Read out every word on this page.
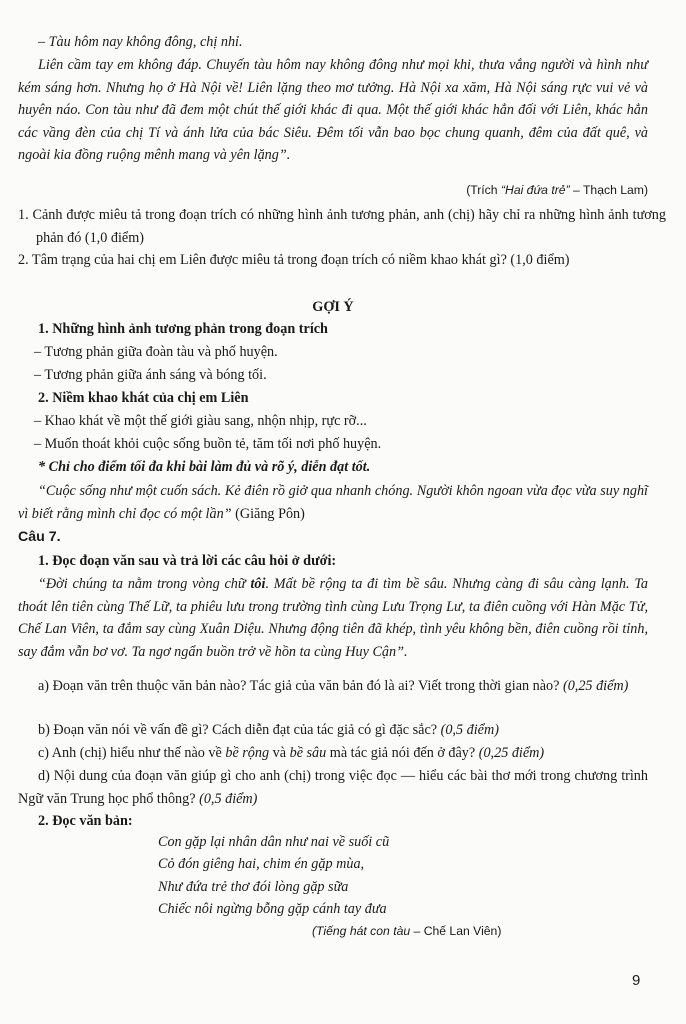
– Tàu hôm nay không đông, chị nhỉ.

Liên cầm tay em không đáp. Chuyến tàu hôm nay không đông như mọi khi, thưa vắng người và hình như kém sáng hơn. Nhưng họ ở Hà Nội về! Liên lặng theo mơ tưởng. Hà Nội xa xăm, Hà Nội sáng rực vui vẻ và huyên náo. Con tàu như đã đem một chút thế giới khác đi qua. Một thế giới khác hẳn đối với Liên, khác hẳn các vầng đèn của chị Tí và ánh lửa của bác Siêu. Đêm tối vẫn bao bọc chung quanh, đêm của đất quê, và ngoài kia đồng ruộng mênh mang và yên lặng”.

(Trích “Hai đứa trẻ” – Thạch Lam)

1. Cảnh được miêu tả trong đoạn trích có những hình ảnh tương phản, anh (chị) hãy chỉ ra những hình ảnh tương phản đó (1,0 điểm)

2. Tâm trạng của hai chị em Liên được miêu tả trong đoạn trích có niềm khao khát gì? (1,0 điểm)

GỢI Ý

1. Những hình ảnh tương phản trong đoạn trích

– Tương phản giữa đoàn tàu và phố huyện.

– Tương phản giữa ánh sáng và bóng tối.

2. Niềm khao khát của chị em Liên

– Khao khát về một thế giới giàu sang, nhộn nhịp, rực rỡ...

– Muốn thoát khỏi cuộc sống buồn tẻ, tăm tối nơi phố huyện.

* Chỉ cho điểm tối đa khi bài làm đủ và rõ ý, diễn đạt tốt.

“Cuộc sống như một cuốn sách. Kẻ điên rồ giở qua nhanh chóng. Người khôn ngoan vừa đọc vừa suy nghĩ vì biết rằng mình chỉ đọc có một lần” (Giăng Pôn)

Câu 7.

1. Đọc đoạn văn sau và trả lời các câu hỏi ở dưới:

“Đời chúng ta nằm trong vòng chữ tôi. Mất bề rộng ta đi tìm bề sâu. Nhưng càng đi sâu càng lạnh. Ta thoát lên tiên cùng Thế Lữ, ta phiêu lưu trong trường tình cùng Lưu Trọng Lư, ta điên cuồng với Hàn Mặc Tử, Chế Lan Viên, ta đắm say cùng Xuân Diệu. Nhưng động tiên đã khép, tình yêu không bền, điên cuồng rồi tỉnh, say đắm vẫn bơ vơ. Ta ngơ ngẩn buồn trở về hồn ta cùng Huy Cận”.

a) Đoạn văn trên thuộc văn bản nào? Tác giả của văn bản đó là ai? Viết trong thời gian nào? (0,25 điểm)

b) Đoạn văn nói về vấn đề gì? Cách diễn đạt của tác giả có gì đặc sắc? (0,5 điểm)

c) Anh (chị) hiểu như thế nào về bề rộng và bề sâu mà tác giả nói đến ở đây? (0,25 điểm)

d) Nội dung của đoạn văn giúp gì cho anh (chị) trong việc đọc — hiểu các bài thơ mới trong chương trình Ngữ văn Trung học phổ thông? (0,5 điểm)

2. Đọc văn bản:

Con gặp lại nhân dân như nai về suối cũ

Cỏ đón giêng hai, chim én gặp mùa,

Như đứa trẻ thơ đói lòng gặp sữa

Chiếc nôi ngừng bỗng gặp cánh tay đưa

(Tiếng hát con tàu – Chế Lan Viên)

9
